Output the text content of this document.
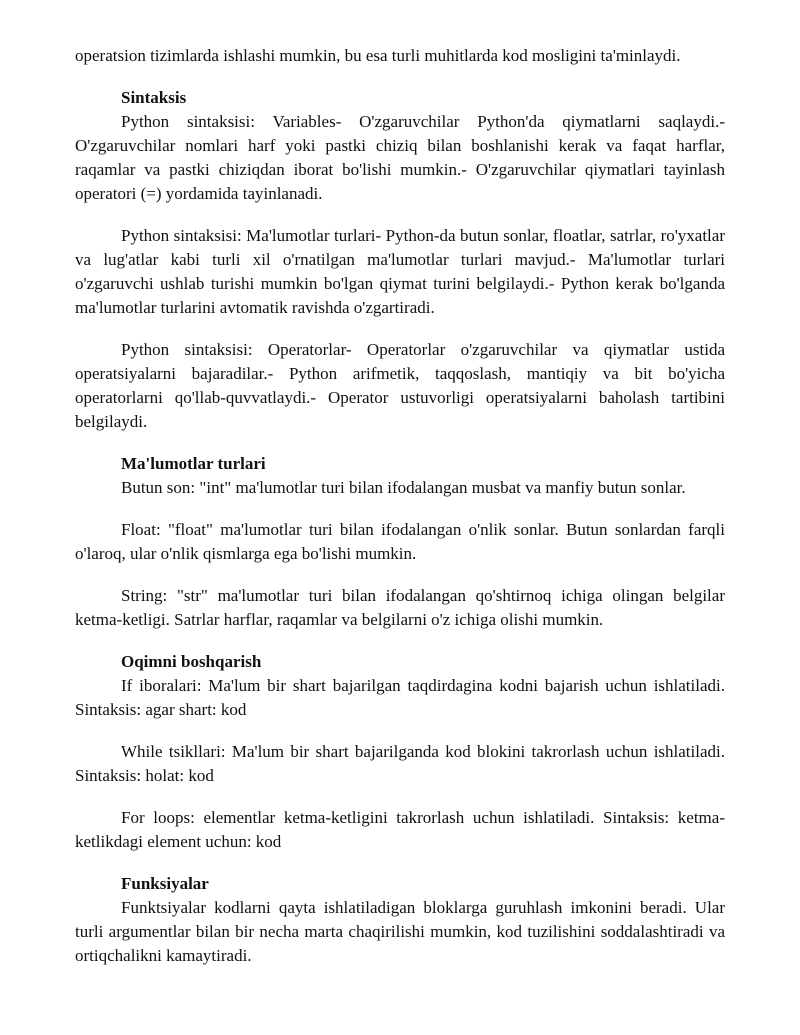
operatsion tizimlarda ishlashi mumkin, bu esa turli muhitlarda kod mosligini ta'minlaydi.

Sintaksis

Python sintaksisi: Variables- O'zgaruvchilar Python'da qiymatlarni saqlaydi.- O'zgaruvchilar nomlari harf yoki pastki chiziq bilan boshlanishi kerak va faqat harflar, raqamlar va pastki chiziqdan iborat bo'lishi mumkin.- O'zgaruvchilar qiymatlari tayinlash operatori (=) yordamida tayinlanadi.

Python sintaksisi: Ma'lumotlar turlari- Python-da butun sonlar, floatlar, satrlar, ro'yxatlar va lug'atlar kabi turli xil o'rnatilgan ma'lumotlar turlari mavjud.- Ma'lumotlar turlari o'zgaruvchi ushlab turishi mumkin bo'lgan qiymat turini belgilaydi.- Python kerak bo'lganda ma'lumotlar turlarini avtomatik ravishda o'zgartiradi.

Python sintaksisi: Operatorlar- Operatorlar o'zgaruvchilar va qiymatlar ustida operatsiyalarni bajaradilar.- Python arifmetik, taqqoslash, mantiqiy va bit bo'yicha operatorlarni qo'llab-quvvatlaydi.- Operator ustuvorligi operatsiyalarni baholash tartibini belgilaydi.

Ma'lumotlar turlari

Butun son: "int" ma'lumotlar turi bilan ifodalangan musbat va manfiy butun sonlar.

Float: "float" ma'lumotlar turi bilan ifodalangan o'nlik sonlar. Butun sonlardan farqli o'laroq, ular o'nlik qismlarga ega bo'lishi mumkin.

String: "str" ma'lumotlar turi bilan ifodalangan qo'shtirnoq ichiga olingan belgilar ketma-ketligi. Satrlar harflar, raqamlar va belgilarni o'z ichiga olishi mumkin.

Oqimni boshqarish

If iboralari: Ma'lum bir shart bajarilgan taqdirdagina kodni bajarish uchun ishlatiladi. Sintaksis: agar shart: kod

While tsikllari: Ma'lum bir shart bajarilganda kod blokini takrorlash uchun ishlatiladi. Sintaksis: holat: kod

For loops: elementlar ketma-ketligini takrorlash uchun ishlatiladi. Sintaksis: ketma-ketlikdagi element uchun: kod

Funksiyalar

Funktsiyalar kodlarni qayta ishlatiladigan bloklarga guruhlash imkonini beradi. Ular turli argumentlar bilan bir necha marta chaqirilishi mumkin, kod tuzilishini soddalashtiradi va ortiqchalikni kamaytiradi.
